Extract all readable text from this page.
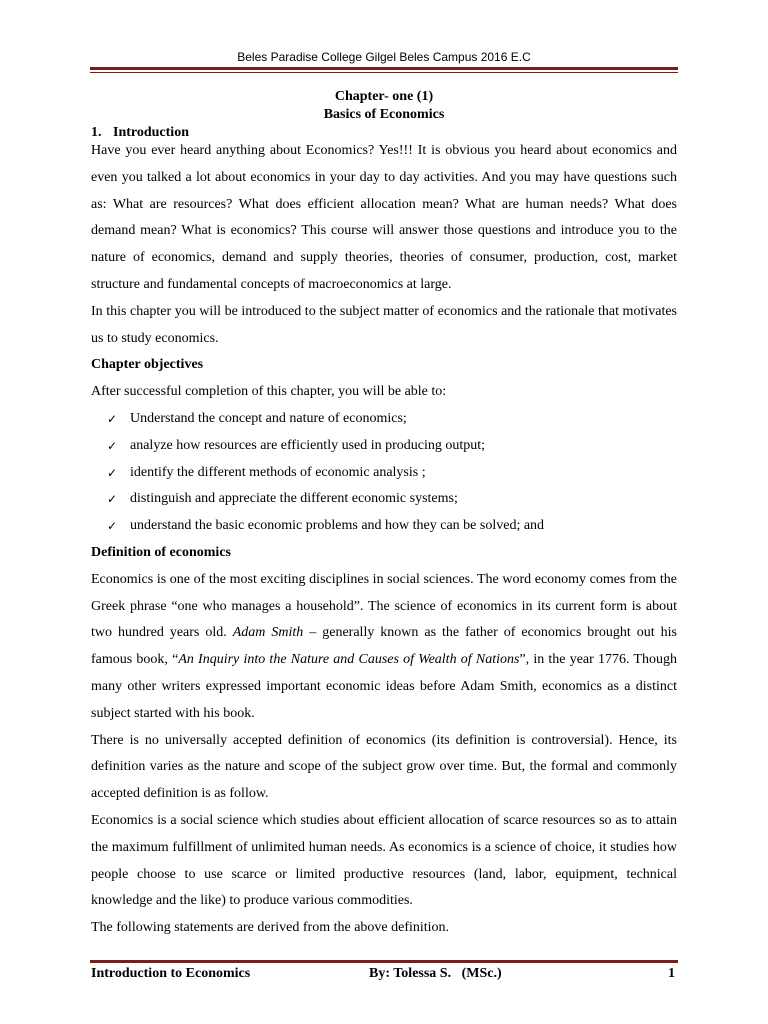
Beles Paradise College Gilgel Beles Campus 2016 E.C
Chapter- one (1)
Basics of Economics
1. Introduction

Have you ever heard anything about Economics? Yes!!! It is obvious you heard about economics and even you talked a lot about economics in your day to day activities. And you may have questions such as: What are resources? What does efficient allocation mean? What are human needs? What does demand mean? What is economics? This course will answer those questions and introduce you to the nature of economics, demand and supply theories, theories of consumer, production, cost, market structure and fundamental concepts of macroeconomics at large.

In this chapter you will be introduced to the subject matter of economics and the rationale that motivates us to study economics.

Chapter objectives

After successful completion of this chapter, you will be able to:

✓ Understand the concept and nature of economics;
✓ analyze how resources are efficiently used in producing output;
✓ identify the different methods of economic analysis ;
✓ distinguish and appreciate the different economic systems;
✓ understand the basic economic problems and how they can be solved; and

Definition of economics

Economics is one of the most exciting disciplines in social sciences. The word economy comes from the Greek phrase “one who manages a household”. The science of economics in its current form is about two hundred years old. Adam Smith – generally known as the father of economics brought out his famous book, “An Inquiry into the Nature and Causes of Wealth of Nations”, in the year 1776. Though many other writers expressed important economic ideas before Adam Smith, economics as a distinct subject started with his book.

There is no universally accepted definition of economics (its definition is controversial). Hence, its definition varies as the nature and scope of the subject grow over time. But, the formal and commonly accepted definition is as follow.

Economics is a social science which studies about efficient allocation of scarce resources so as to attain the maximum fulfillment of unlimited human needs. As economics is a science of choice, it studies how people choose to use scarce or limited productive resources (land, labor, equipment, technical knowledge and the like) to produce various commodities.

The following statements are derived from the above definition.

Introduction to Economics	By: Tolessa S.   (MSc.)	1
